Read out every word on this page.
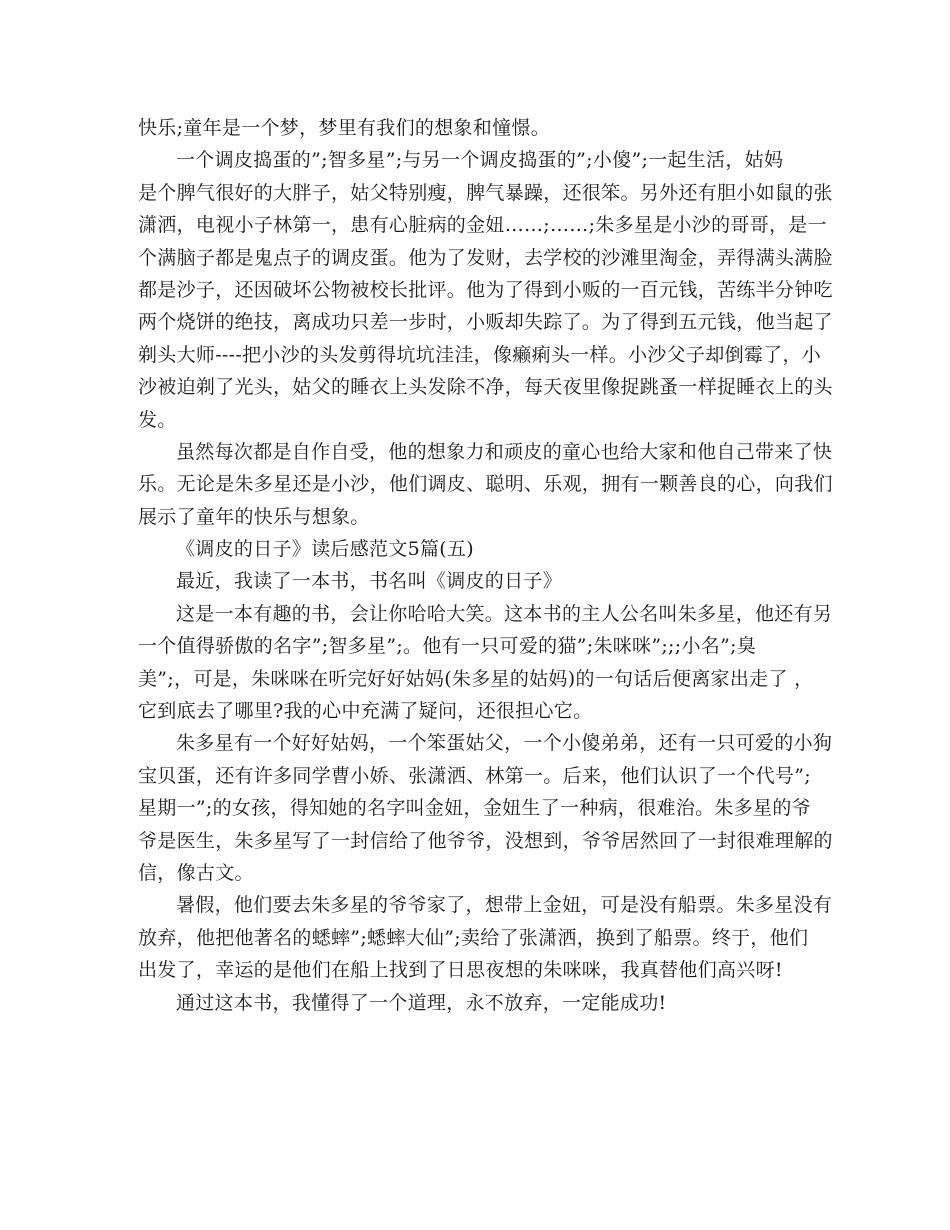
快乐;童年是一个梦，梦里有我们的想象和憧憬。
一个调皮捣蛋的”;智多星”;与另一个调皮捣蛋的”;小傻”;一起生活，姑妈
是个脾气很好的大胖子，姑父特别瘦，脾气暴躁，还很笨。另外还有胆小如鼠的张
潇洒，电视小子林第一，患有心脏病的金妞……;……;朱多星是小沙的哥哥，是一
个满脑子都是鬼点子的调皮蛋。他为了发财，去学校的沙滩里淘金，弄得满头满脸
都是沙子，还因破坏公物被校长批评。他为了得到小贩的一百元钱，苦练半分钟吃
两个烧饼的绝技，离成功只差一步时，小贩却失踪了。为了得到五元钱，他当起了
剃头大师----把小沙的头发剪得坑坑洼洼，像癞痢头一样。小沙父子却倒霉了，小
沙被迫剃了光头，姑父的睡衣上头发除不净，每天夜里像捉跳蚤一样捉睡衣上的头
发。
虽然每次都是自作自受，他的想象力和顽皮的童心也给大家和他自己带来了快
乐。无论是朱多星还是小沙，他们调皮、聪明、乐观，拥有一颗善良的心，向我们
展示了童年的快乐与想象。
《调皮的日子》读后感范文5篇(五)
最近，我读了一本书，书名叫《调皮的日子》
这是一本有趣的书，会让你哈哈大笑。这本书的主人公名叫朱多星，他还有另
一个值得骄傲的名字”;智多星”;。他有一只可爱的猫”;朱咪咪”;;;小名”;臭
美”;，可是，朱咪咪在听完好好姑妈(朱多星的姑妈)的一句话后便离家出走了 ，
它到底去了哪里?我的心中充满了疑问，还很担心它。
朱多星有一个好好姑妈，一个笨蛋姑父，一个小傻弟弟，还有一只可爱的小狗
宝贝蛋，还有许多同学曹小娇、张潇洒、林第一。后来，他们认识了一个代号”;
星期一”;的女孩，得知她的名字叫金妞，金妞生了一种病，很难治。朱多星的爷
爷是医生，朱多星写了一封信给了他爷爷，没想到，爷爷居然回了一封很难理解的
信，像古文。
暑假，他们要去朱多星的爷爷家了，想带上金妞，可是没有船票。朱多星没有
放弃，他把他著名的蟋蟀”;蟋蟀大仙”;卖给了张潇洒，换到了船票。终于，他们
出发了，幸运的是他们在船上找到了日思夜想的朱咪咪，我真替他们高兴呀!
通过这本书，我懂得了一个道理，永不放弃，一定能成功!
